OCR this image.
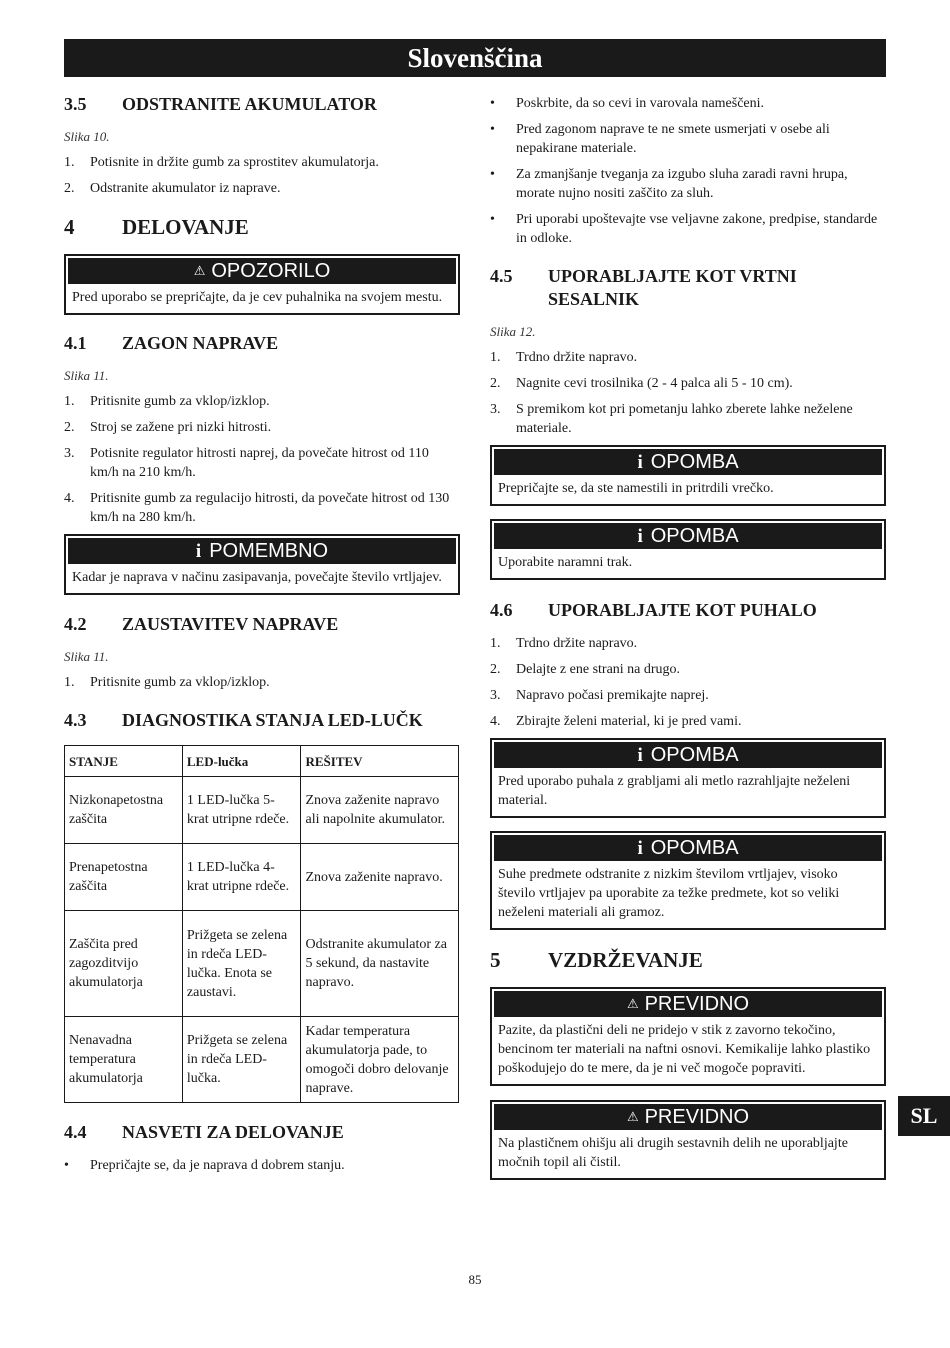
Slovenščina
3.5	ODSTRANITE AKUMULATOR
Slika 10.
1.	Potisnite in držite gumb za sprostitev akumulatorja.
2.	Odstranite akumulator iz naprave.
4	DELOVANJE
⚠ OPOZORILO
Pred uporabo se prepričajte, da je cev puhalnika na svojem mestu.
4.1	ZAGON NAPRAVE
Slika 11.
1.	Pritisnite gumb za vklop/izklop.
2.	Stroj se zažene pri nizki hitrosti.
3.	Potisnite regulator hitrosti naprej, da povečate hitrost od 110 km/h na 210 km/h.
4.	Pritisnite gumb za regulacijo hitrosti, da povečate hitrost od 130 km/h na 280 km/h.
i POMEMBNO
Kadar je naprava v načinu zasipavanja, povečajte število vrtljajev.
4.2	ZAUSTAVITEV NAPRAVE
Slika 11.
1.	Pritisnite gumb za vklop/izklop.
4.3	DIAGNOSTIKA STANJA LED-LUČK
STANJE	LED-lučka	REŠITEV
Nizkonapetostna zaščita	1 LED-lučka 5-krat utripne rdeče.	Znova zaženite napravo ali napolnite akumulator.
Prenapetostna zaščita	1 LED-lučka 4-krat utripne rdeče.	Znova zaženite napravo.
Zaščita pred zagozditvijo akumulatorja	Prižgeta se zelena in rdeča LED-lučka. Enota se zaustavi.	Odstranite akumulator za 5 sekund, da nastavite napravo.
Nenavadna temperatura akumulatorja	Prižgeta se zelena in rdeča LED-lučka.	Kadar temperatura akumulatorja pade, to omogoči dobro delovanje naprave.
4.4	NASVETI ZA DELOVANJE
•	Prepričajte se, da je naprava d dobrem stanju.
•	Poskrbite, da so cevi in varovala nameščeni.
•	Pred zagonom naprave te ne smete usmerjati v osebe ali nepakirane materiale.
•	Za zmanjšanje tveganja za izgubo sluha zaradi ravni hrupa, morate nujno nositi zaščito za sluh.
•	Pri uporabi upoštevajte vse veljavne zakone, predpise, standarde in odloke.
4.5	UPORABLJAJTE KOT VRTNI SESALNIK
Slika 12.
1.	Trdno držite napravo.
2.	Nagnite cevi trosilnika (2 - 4 palca ali 5 - 10 cm).
3.	S premikom kot pri pometanju lahko zberete lahke neželene materiale.
i OPOMBA
Prepričajte se, da ste namestili in pritrdili vrečko.
i OPOMBA
Uporabite naramni trak.
4.6	UPORABLJAJTE KOT PUHALO
1.	Trdno držite napravo.
2.	Delajte z ene strani na drugo.
3.	Napravo počasi premikajte naprej.
4.	Zbirajte želeni material, ki je pred vami.
i OPOMBA
Pred uporabo puhala z grabljami ali metlo razrahljajte neželeni material.
i OPOMBA
Suhe predmete odstranite z nizkim številom vrtljajev, visoko število vrtljajev pa uporabite za težke predmete, kot so veliki neželeni materiali ali gramoz.
5	VZDRŽEVANJE
⚠ PREVIDNO
Pazite, da plastični deli ne pridejo v stik z zavorno tekočino, bencinom ter materiali na naftni osnovi. Kemikalije lahko plastiko poškodujejo do te mere, da je ni več mogoče popraviti.
⚠ PREVIDNO
Na plastičnem ohišju ali drugih sestavnih delih ne uporabljajte močnih topil ali čistil.
SL
85
